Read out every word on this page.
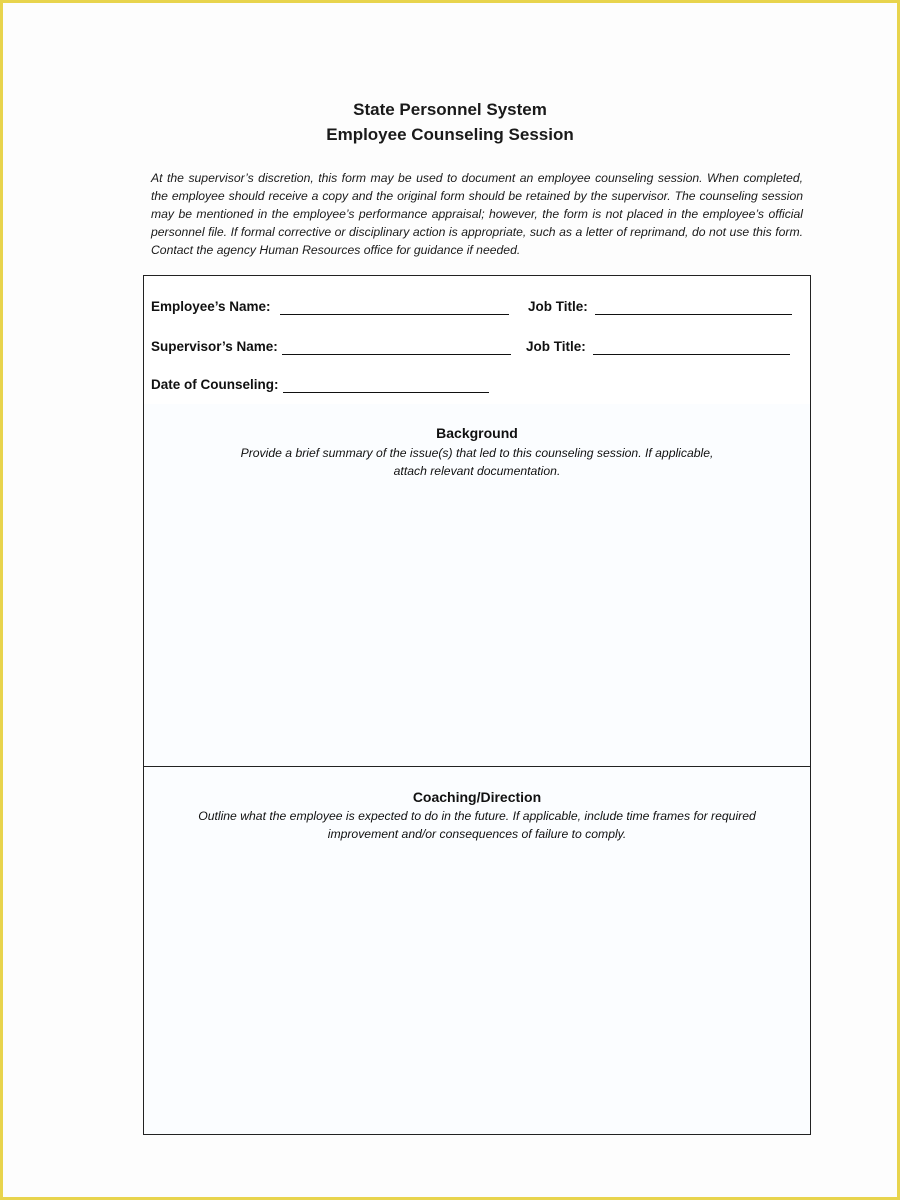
State Personnel System
Employee Counseling Session
At the supervisor’s discretion, this form may be used to document an employee counseling session. When completed, the employee should receive a copy and the original form should be retained by the supervisor. The counseling session may be mentioned in the employee’s performance appraisal; however, the form is not placed in the employee’s official personnel file. If formal corrective or disciplinary action is appropriate, such as a letter of reprimand, do not use this form. Contact the agency Human Resources office for guidance if needed.
Employee’s Name:	Job Title:
Supervisor’s Name:	Job Title:
Date of Counseling:
Background
Provide a brief summary of the issue(s) that led to this counseling session. If applicable,
attach relevant documentation.
Coaching/Direction
Outline what the employee is expected to do in the future. If applicable, include time frames for required
improvement and/or consequences of failure to comply.
